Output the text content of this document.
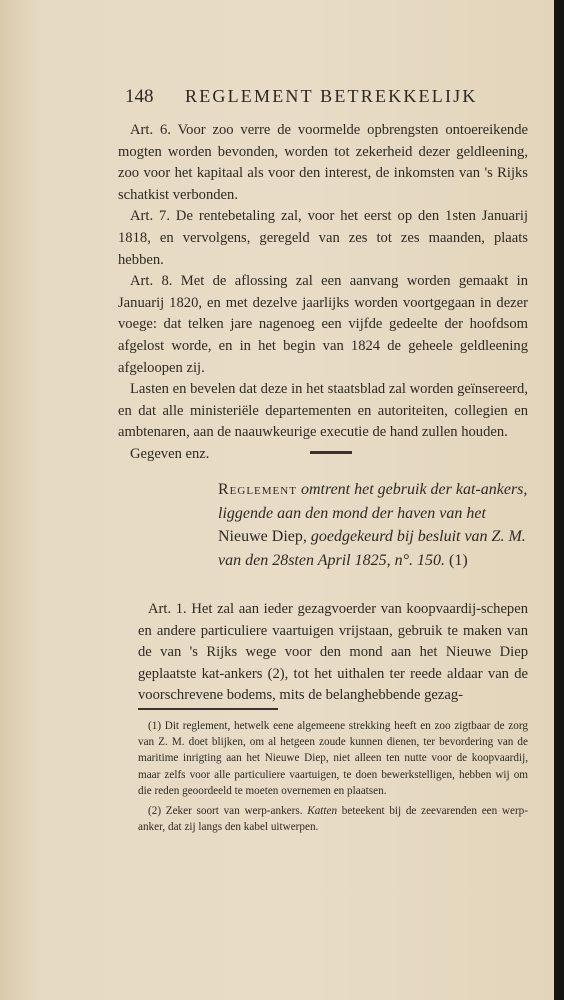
148 REGLEMENT BETREKKELIJK

Art. 6. Voor zoo verre de voormelde opbrengsten ontoereikende mogten worden bevonden, worden tot zekerheid dezer geldleening, zoo voor het kapitaal als voor den interest, de inkomsten van 's Rijks schatkist verbonden.

Art. 7. De rentebetaling zal, voor het eerst op den 1sten Januarij 1818, en vervolgens, geregeld van zes tot zes maanden, plaats hebben.

Art. 8. Met de aflossing zal een aanvang worden gemaakt in Januarij 1820, en met dezelve jaarlijks worden voortgegaan in dezer voege: dat telken jare nagenoeg een vijfde gedeelte der hoofdsom afgelost worde, en in het begin van 1824 de geheele geldleening afgeloopen zij.

Lasten en bevelen dat deze in het staatsblad zal worden geïnsereerd, en dat alle ministeriële departementen en autoriteiten, collegien en ambtenaren, aan de naauwkeurige executie de hand zullen houden.

Gegeven enz.

Reglement omtrent het gebruik der kat-ankers, liggende aan den mond der haven van het Nieuwe Diep, goedgekeurd bij besluit van Z. M. van den 28sten April 1825, n°. 150. (1)

Art. 1. Het zal aan ieder gezagvoerder van koopvaardij-schepen en andere particuliere vaartuigen vrijstaan, gebruik te maken van de van 's Rijks wege voor den mond aan het Nieuwe Diep geplaatste kat-ankers (2), tot het uithalen ter reede aldaar van de voorschrevene bodems, mits de belanghebbende gezag-

(1) Dit reglement, hetwelk eene algemeene strekking heeft en zoo zigtbaar de zorg van Z. M. doet blijken, om al hetgeen zoude kunnen dienen, ter bevordering van de maritime inrigting aan het Nieuwe Diep, niet alleen ten nutte voor de koopvaardij, maar zelfs voor alle particuliere vaartuigen, te doen bewerkstelligen, hebben wij om die reden geoordeeld te moeten overnemen en plaatsen.

(2) Zeker soort van werp-ankers. Katten beteekent bij de zeevarenden een werp-anker, dat zij langs den kabel uitwerpen.
